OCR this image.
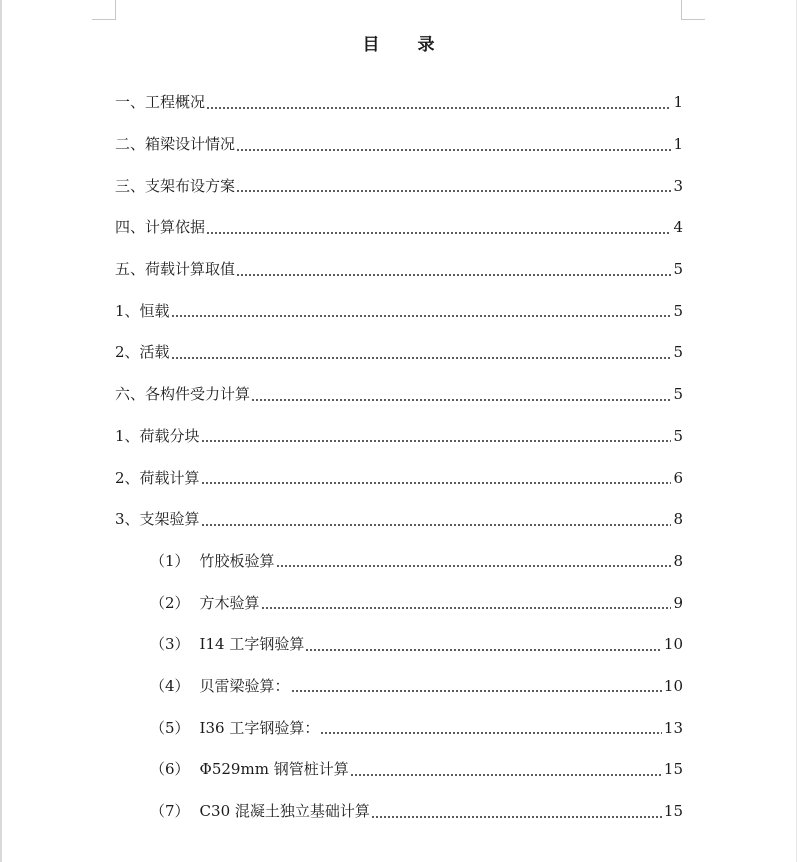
目 录
一、工程概况	1
二、箱梁设计情况	1
三、支架布设方案	3
四、计算依据	4
五、荷载计算取值	5
1、恒载	5
2、活载	5
六、各构件受力计算	5
1、荷载分块	5
2、荷载计算	6
3、支架验算	8
（1） 竹胶板验算	8
（2） 方木验算	9
（3） I14 工字钢验算	10
（4） 贝雷梁验算：	10
（5） I36 工字钢验算：	13
（6） Φ529mm 钢管桩计算	15
（7） C30 混凝土独立基础计算	15
